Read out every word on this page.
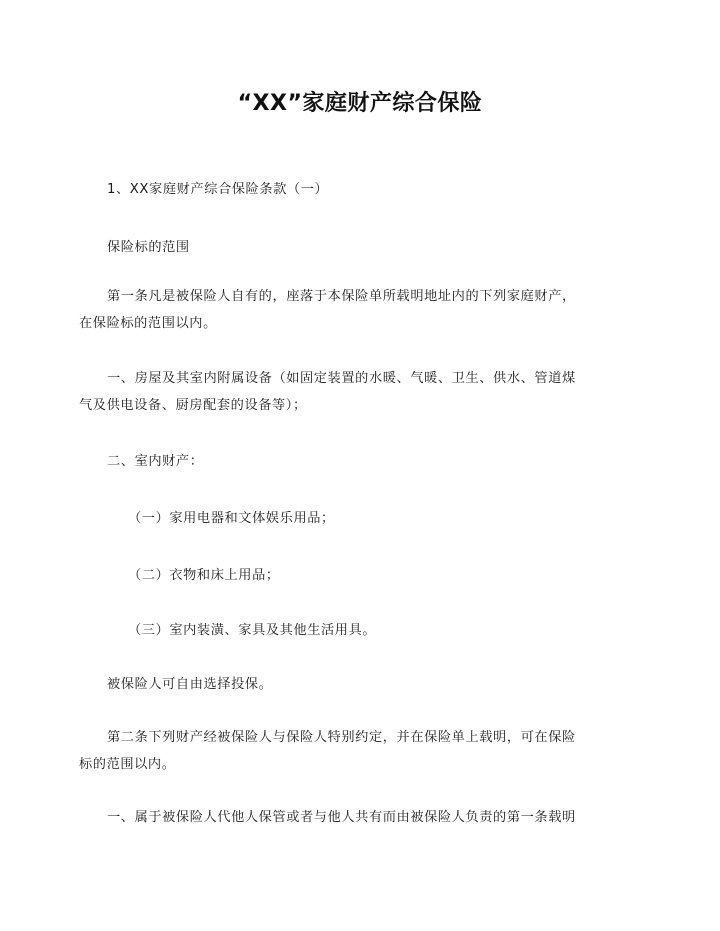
“XX”家庭财产综合保险
1、XX家庭财产综合保险条款（一）
保险标的范围
第一条凡是被保险人自有的，座落于本保险单所载明地址内的下列家庭财产，在保险标的范围以内。
一、房屋及其室内附属设备（如固定装置的水暖、气暖、卫生、供水、管道煤气及供电设备、厨房配套的设备等）；
二、室内财产：
（一）家用电器和文体娱乐用品；
（二）衣物和床上用品；
（三）室内装潢、家具及其他生活用具。
被保险人可自由选择投保。
第二条下列财产经被保险人与保险人特别约定，并在保险单上载明，可在保险标的范围以内。
一、属于被保险人代他人保管或者与他人共有而由被保险人负责的第一条载明
